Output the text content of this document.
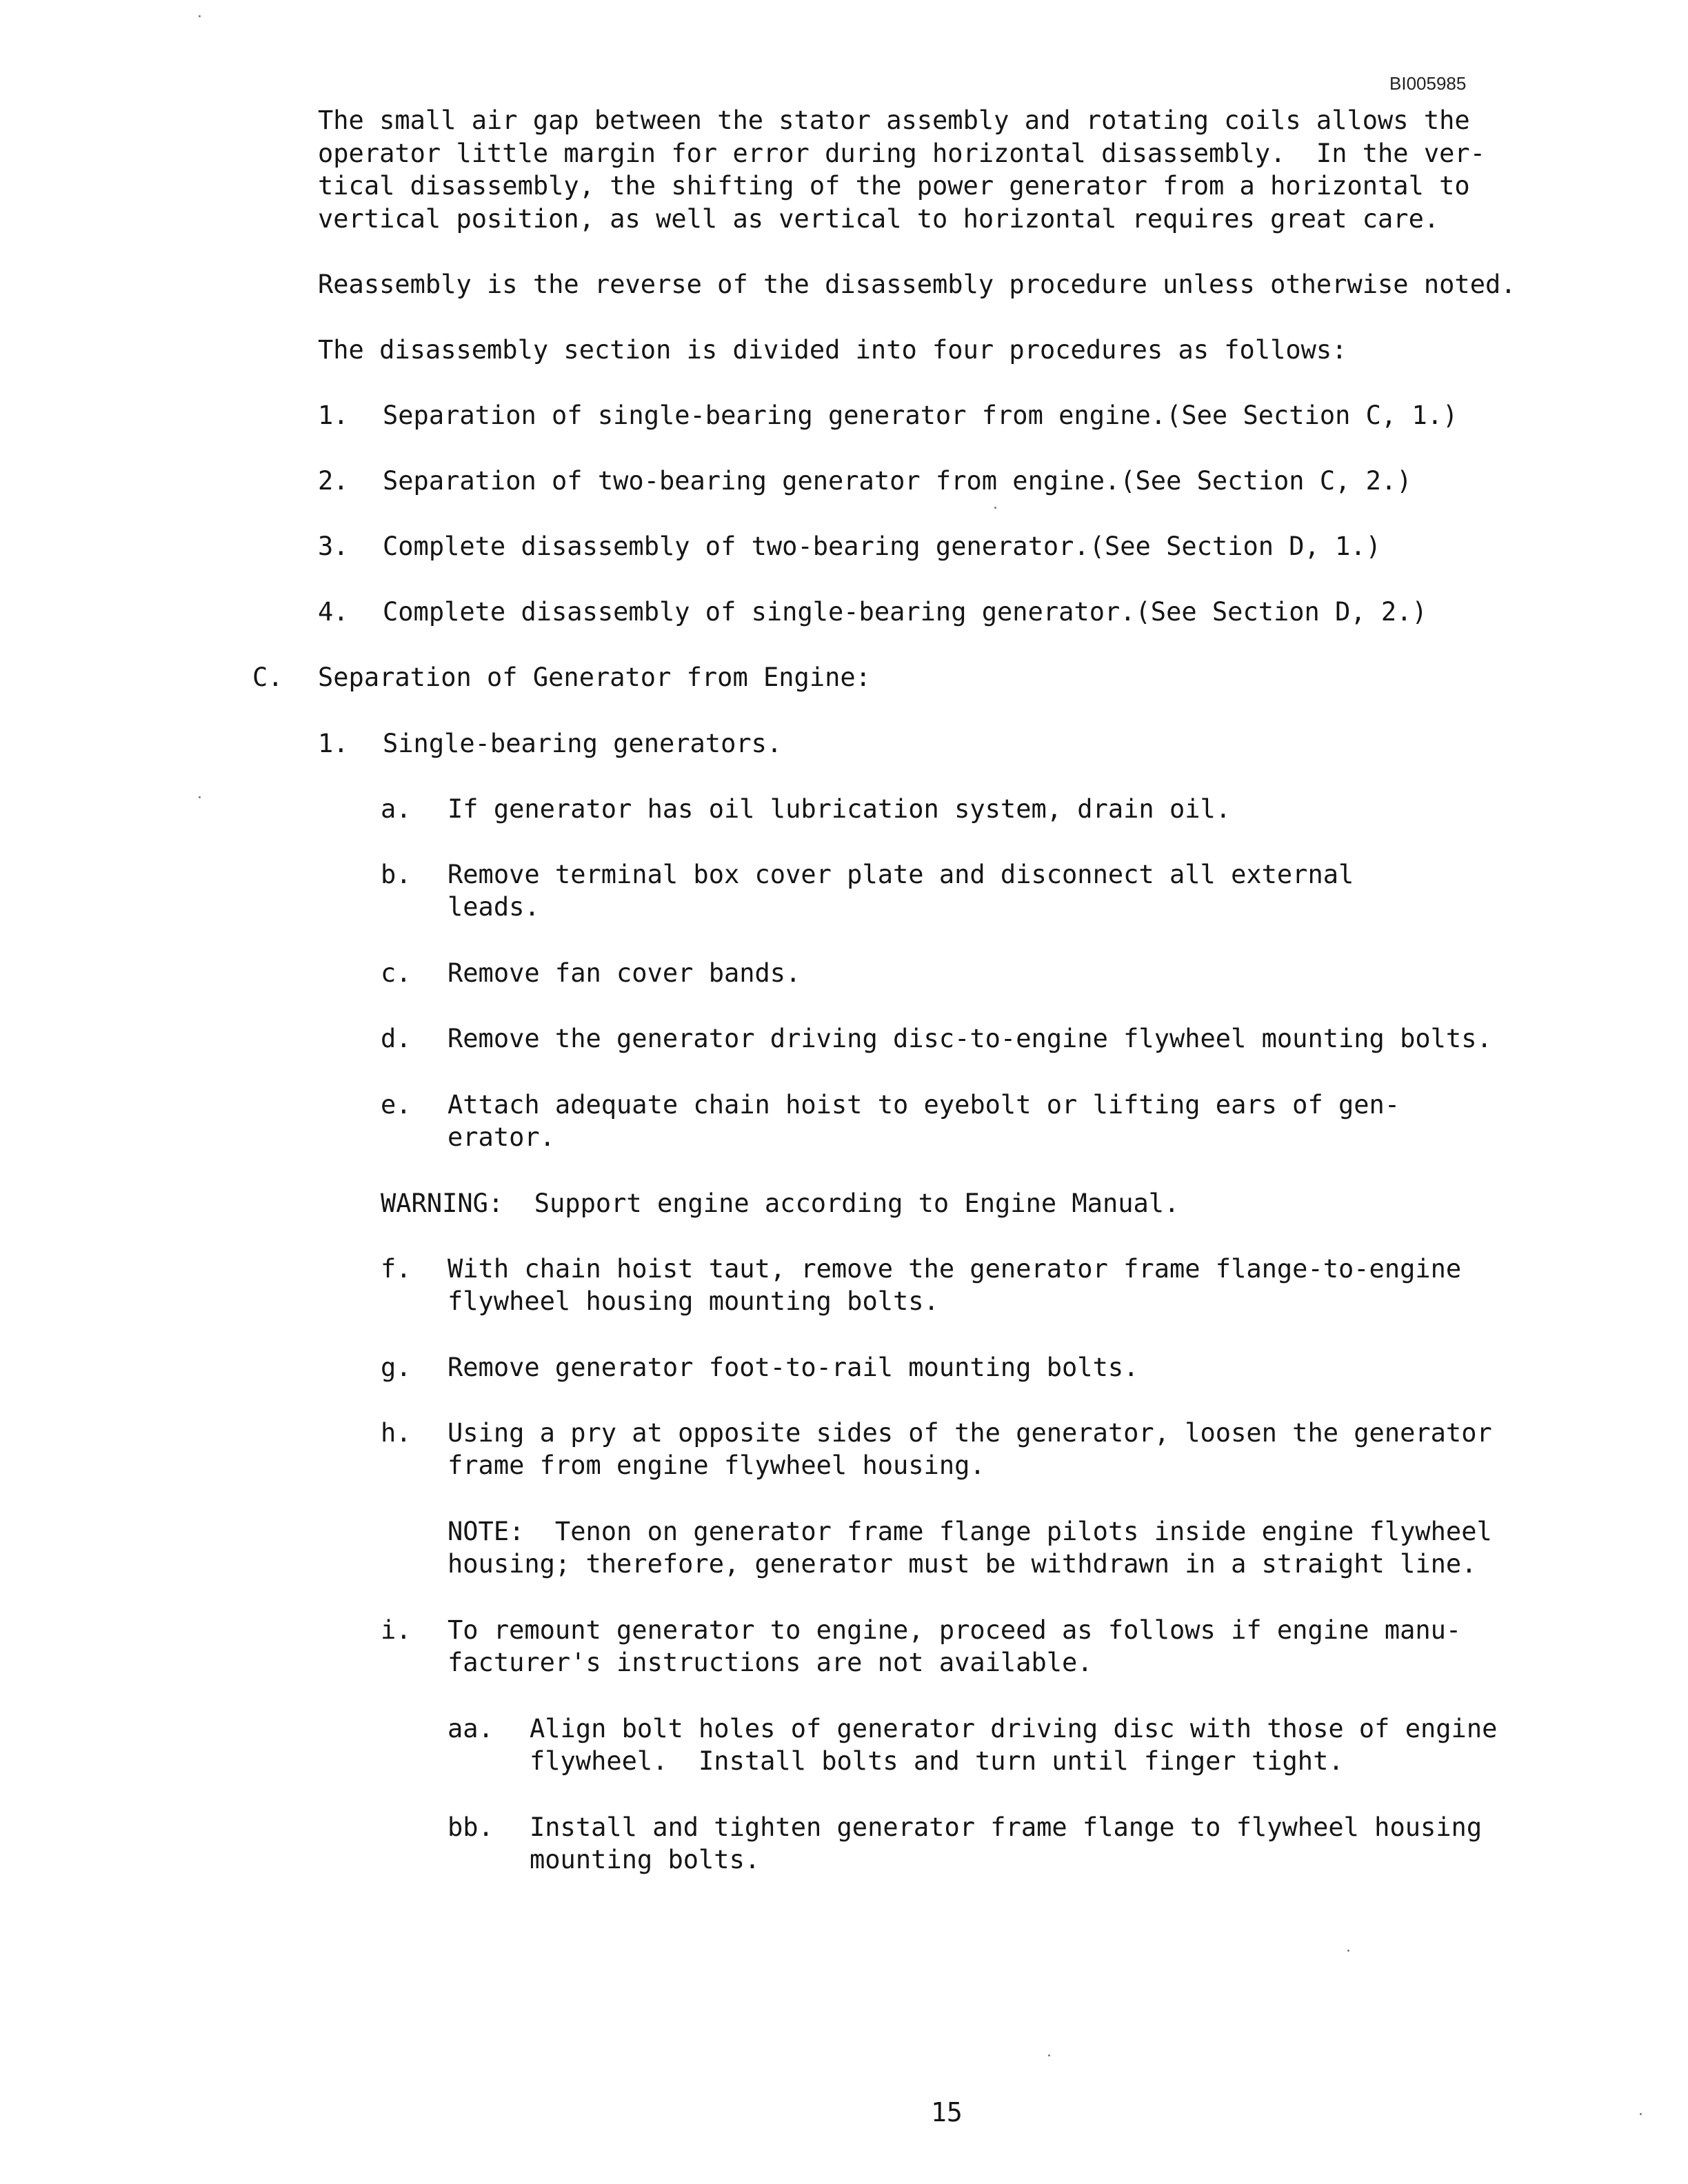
BI005985

The small air gap between the stator assembly and rotating coils allows the

operator little margin for error during horizontal disassembly.  In the ver-

tical disassembly, the shifting of the power generator from a horizontal to

vertical position, as well as vertical to horizontal requires great care.

Reassembly is the reverse of the disassembly procedure unless otherwise noted.

The disassembly section is divided into four procedures as follows:

1. Separation of single-bearing generator from engine.(See Section C, 1.)

2. Separation of two-bearing generator from engine.(See Section C, 2.)

3. Complete disassembly of two-bearing generator.(See Section D, 1.)

4. Complete disassembly of single-bearing generator.(See Section D, 2.)

C. Separation of Generator from Engine:

1. Single-bearing generators.

a. If generator has oil lubrication system, drain oil.

b. Remove terminal box cover plate and disconnect all external

leads.

c. Remove fan cover bands.

d. Remove the generator driving disc-to-engine flywheel mounting bolts.

e. Attach adequate chain hoist to eyebolt or lifting ears of gen-

erator.

WARNING:  Support engine according to Engine Manual.

f. With chain hoist taut, remove the generator frame flange-to-engine

flywheel housing mounting bolts.

g. Remove generator foot-to-rail mounting bolts.

h. Using a pry at opposite sides of the generator, loosen the generator

frame from engine flywheel housing.

NOTE:  Tenon on generator frame flange pilots inside engine flywheel

housing; therefore, generator must be withdrawn in a straight line.

i. To remount generator to engine, proceed as follows if engine manu-

facturer's instructions are not available.

aa. Align bolt holes of generator driving disc with those of engine

flywheel.  Install bolts and turn until finger tight.

bb. Install and tighten generator frame flange to flywheel housing

mounting bolts.

15
